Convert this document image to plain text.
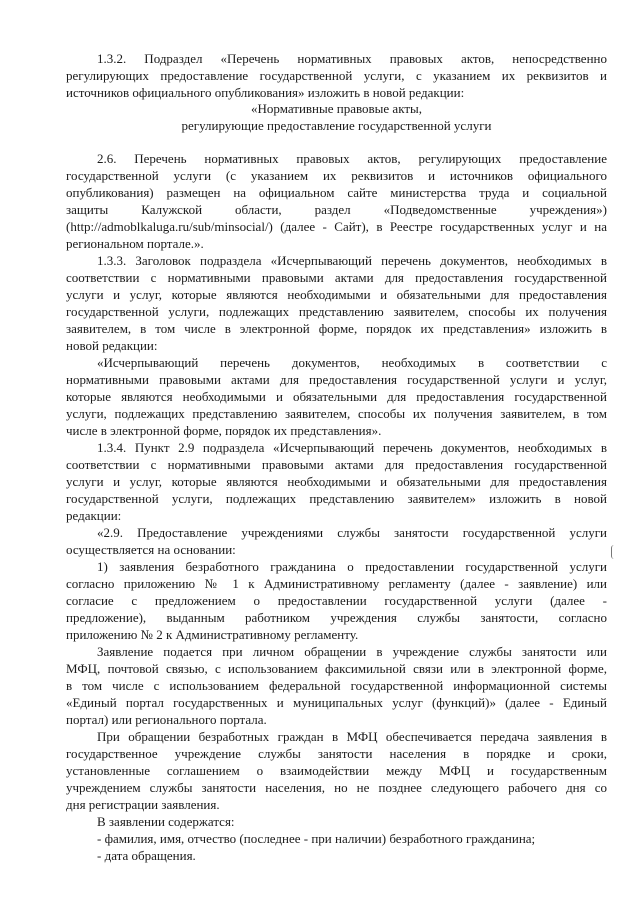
1.3.2. Подраздел «Перечень нормативных правовых актов, непосредственно

регулирующих предоставление государственной услуги, с указанием их реквизитов и

источников официального опубликования» изложить в новой редакции:

«Нормативные правовые акты,

регулирующие предоставление государственной услуги

2.6. Перечень нормативных правовых актов, регулирующих предоставление

государственной услуги (с указанием их реквизитов и источников официального

опубликования) размещен на официальном сайте министерства труда и социальной

защиты Калужской области, раздел «Подведомственные учреждения»)

(http://admoblkaluga.ru/sub/minsocial/) (далее - Сайт), в Реестре государственных услуг и на

региональном портале.».

1.3.3. Заголовок подраздела «Исчерпывающий перечень документов, необходимых в

соответствии с нормативными правовыми актами для предоставления государственной

услуги и услуг, которые являются необходимыми и обязательными для предоставления

государственной услуги, подлежащих представлению заявителем, способы их получения

заявителем, в том числе в электронной форме, порядок их представления» изложить в

новой редакции:

«Исчерпывающий перечень документов, необходимых в соответствии с

нормативными правовыми актами для предоставления государственной услуги и услуг,

которые являются необходимыми и обязательными для предоставления государственной

услуги, подлежащих представлению заявителем, способы их получения заявителем, в том

числе в электронной форме, порядок их представления».

1.3.4. Пункт 2.9 подраздела «Исчерпывающий перечень документов, необходимых в

соответствии с нормативными правовыми актами для предоставления государственной

услуги и услуг, которые являются необходимыми и обязательными для предоставления

государственной услуги, подлежащих представлению заявителем» изложить в новой

редакции:

«2.9. Предоставление учреждениями службы занятости государственной услуги

осуществляется на основании:

1) заявления безработного гражданина о предоставлении государственной услуги

согласно приложению № 1 к Административному регламенту (далее - заявление) или

согласие с предложением о предоставлении государственной услуги (далее -

предложение), выданным работником учреждения службы занятости, согласно

приложению № 2 к Административному регламенту.

Заявление подается при личном обращении в учреждение службы занятости или

МФЦ, почтовой связью, с использованием факсимильной связи или в электронной форме,

в том числе с использованием федеральной государственной информационной системы

«Единый портал государственных и муниципальных услуг (функций)» (далее - Единый

портал) или регионального портала.

При обращении безработных граждан в МФЦ обеспечивается передача заявления в

государственное учреждение службы занятости населения в порядке и сроки,

установленные соглашением о взаимодействии между МФЦ и государственным

учреждением службы занятости населения, но не позднее следующего рабочего дня со

дня регистрации заявления.

В заявлении содержатся:

- фамилия, имя, отчество (последнее - при наличии) безработного гражданина;

- дата обращения.
